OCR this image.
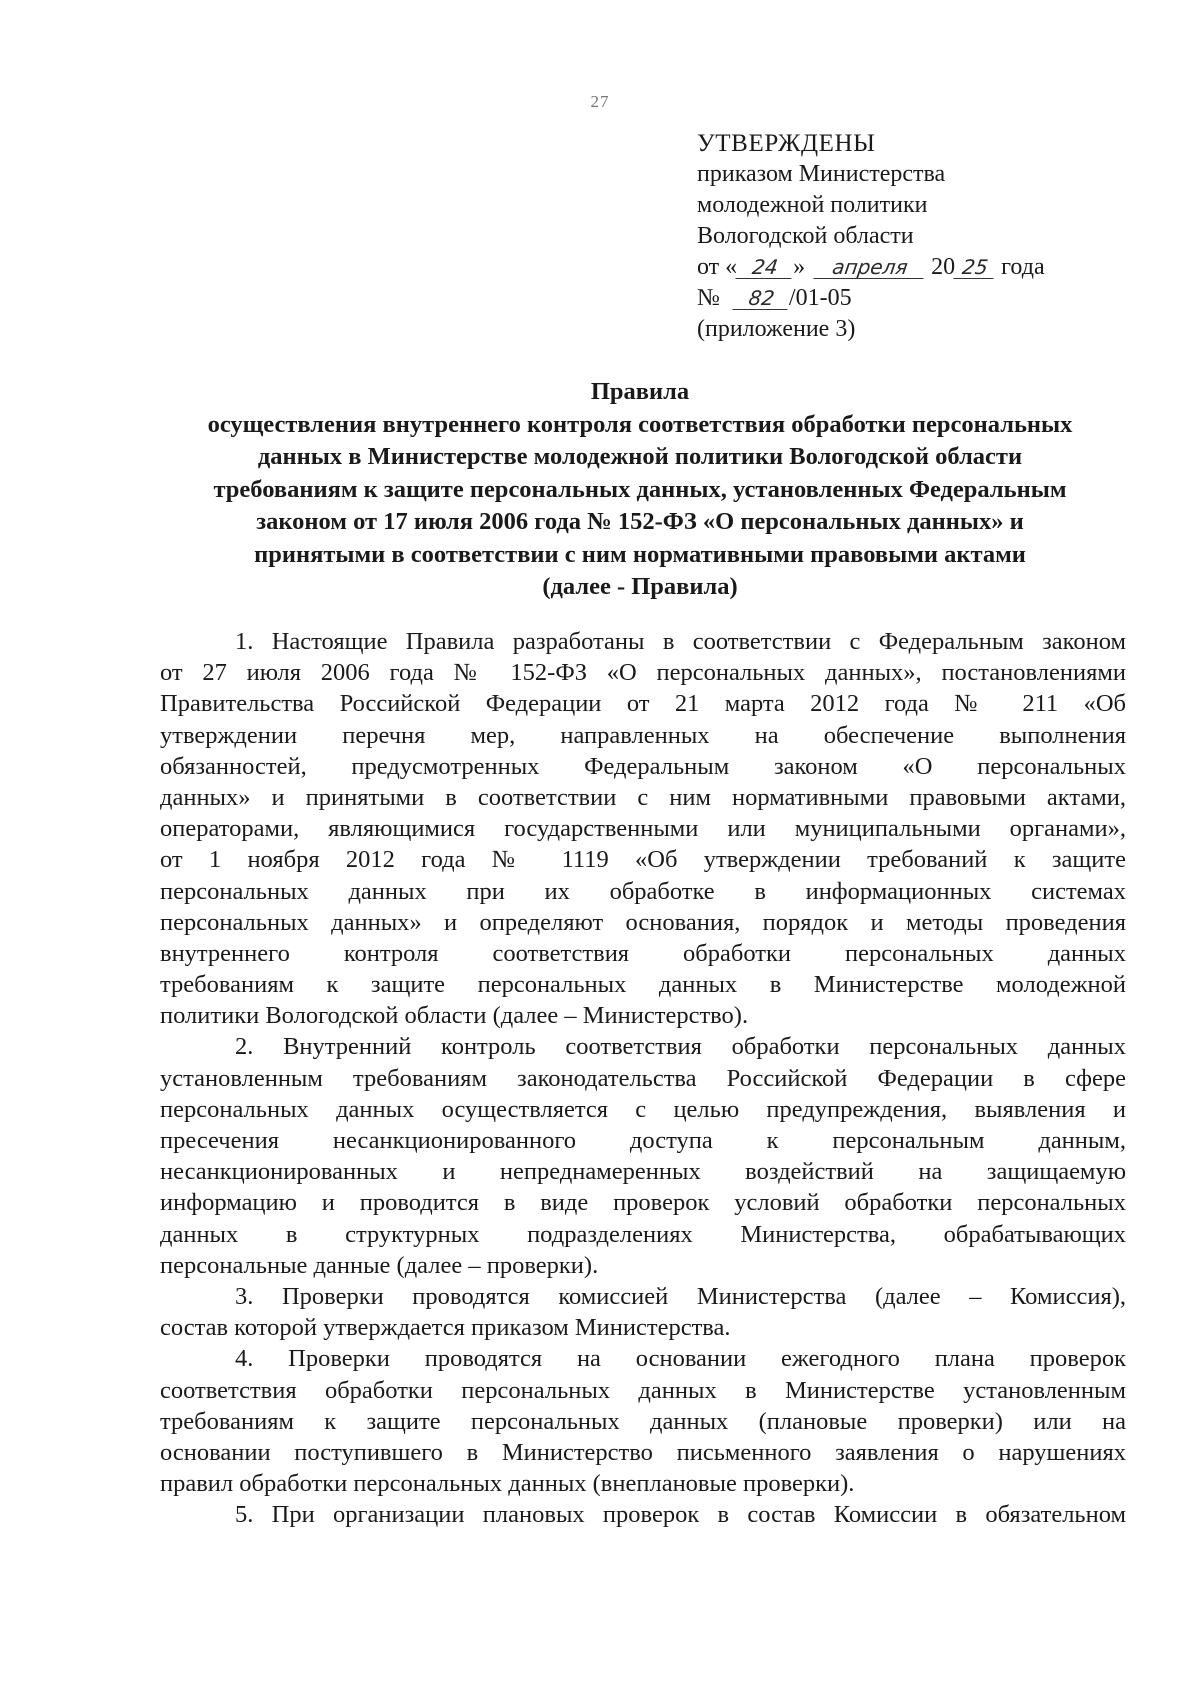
27
УТВЕРЖДЕНЫ
приказом Министерства
молодежной политики
Вологодской области
от « 24 » апреля 20 25 года
№ 82 /01-05
(приложение 3)
Правила
осуществления внутреннего контроля соответствия обработки персональных
данных в Министерстве молодежной политики Вологодской области
требованиям к защите персональных данных, установленных Федеральным
законом от 17 июля 2006 года № 152-ФЗ «О персональных данных» и
принятыми в соответствии с ним нормативными правовыми актами
(далее - Правила)
1. Настоящие Правила разработаны в соответствии с Федеральным законом
от 27 июля 2006 года № 152-ФЗ «О персональных данных», постановлениями
Правительства Российской Федерации от 21 марта 2012 года № 211 «Об
утверждении перечня мер, направленных на обеспечение выполнения
обязанностей, предусмотренных Федеральным законом «О персональных
данных» и принятыми в соответствии с ним нормативными правовыми актами,
операторами, являющимися государственными или муниципальными органами»,
от 1 ноября 2012 года № 1119 «Об утверждении требований к защите
персональных данных при их обработке в информационных системах
персональных данных» и определяют основания, порядок и методы проведения
внутреннего контроля соответствия обработки персональных данных
требованиям к защите персональных данных в Министерстве молодежной
политики Вологодской области (далее – Министерство).
2. Внутренний контроль соответствия обработки персональных данных
установленным требованиям законодательства Российской Федерации в сфере
персональных данных осуществляется с целью предупреждения, выявления и
пресечения несанкционированного доступа к персональным данным,
несанкционированных и непреднамеренных воздействий на защищаемую
информацию и проводится в виде проверок условий обработки персональных
данных в структурных подразделениях Министерства, обрабатывающих
персональные данные (далее – проверки).
3. Проверки проводятся комиссией Министерства (далее – Комиссия),
состав которой утверждается приказом Министерства.
4. Проверки проводятся на основании ежегодного плана проверок
соответствия обработки персональных данных в Министерстве установленным
требованиям к защите персональных данных (плановые проверки) или на
основании поступившего в Министерство письменного заявления о нарушениях
правил обработки персональных данных (внеплановые проверки).
5. При организации плановых проверок в состав Комиссии в обязательном
